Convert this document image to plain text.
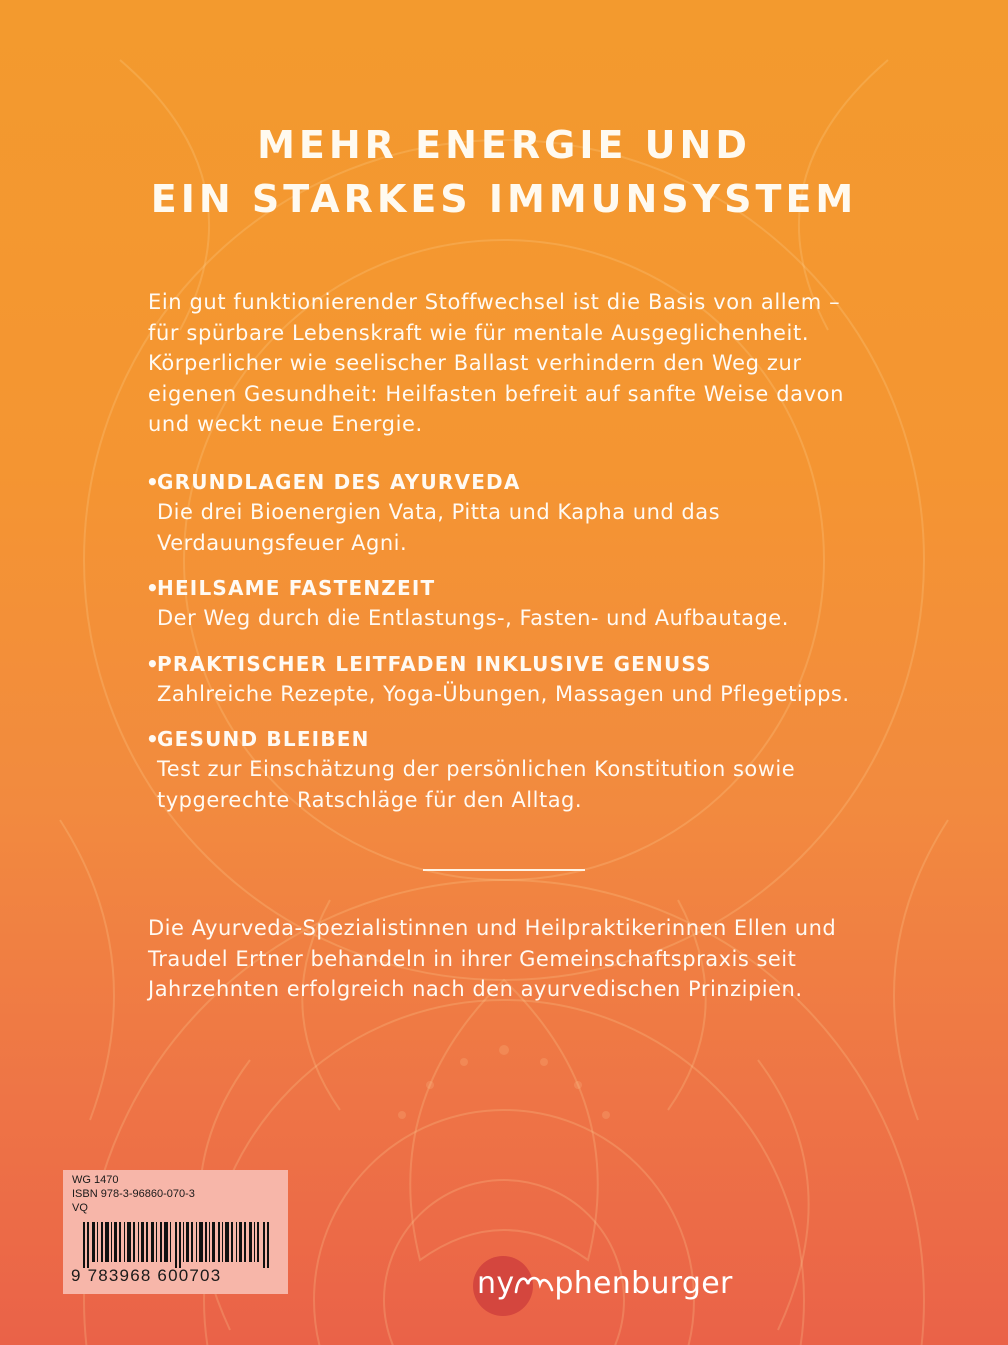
MEHR ENERGIE UND
EIN STARKES IMMUNSYSTEM

Ein gut funktionierender Stoffwechsel ist die Basis von allem – für spürbare Lebenskraft wie für mentale Ausgeglichenheit. Körperlicher wie seelischer Ballast verhindern den Weg zur eigenen Gesundheit: Heilfasten befreit auf sanfte Weise davon und weckt neue Energie.

•GRUNDLAGEN DES AYURVEDA
Die drei Bioenergien Vata, Pitta und Kapha und das Verdauungsfeuer Agni.
•HEILSAME FASTENZEIT
Der Weg durch die Entlastungs-, Fasten- und Aufbautage.
•PRAKTISCHER LEITFADEN INKLUSIVE GENUSS
Zahlreiche Rezepte, Yoga-Übungen, Massagen und Pflegetipps.
•GESUND BLEIBEN
Test zur Einschätzung der persönlichen Konstitution sowie typgerechte Ratschläge für den Alltag.

Die Ayurveda-Spezialistinnen und Heilpraktikerinnen Ellen und Traudel Ertner behandeln in ihrer Gemeinschaftspraxis seit Jahrzehnten erfolgreich nach den ayurvedischen Prinzipien.

WG 1470
ISBN 978-3-96860-070-3
VQ
9 783968 600703	ny phenburger
